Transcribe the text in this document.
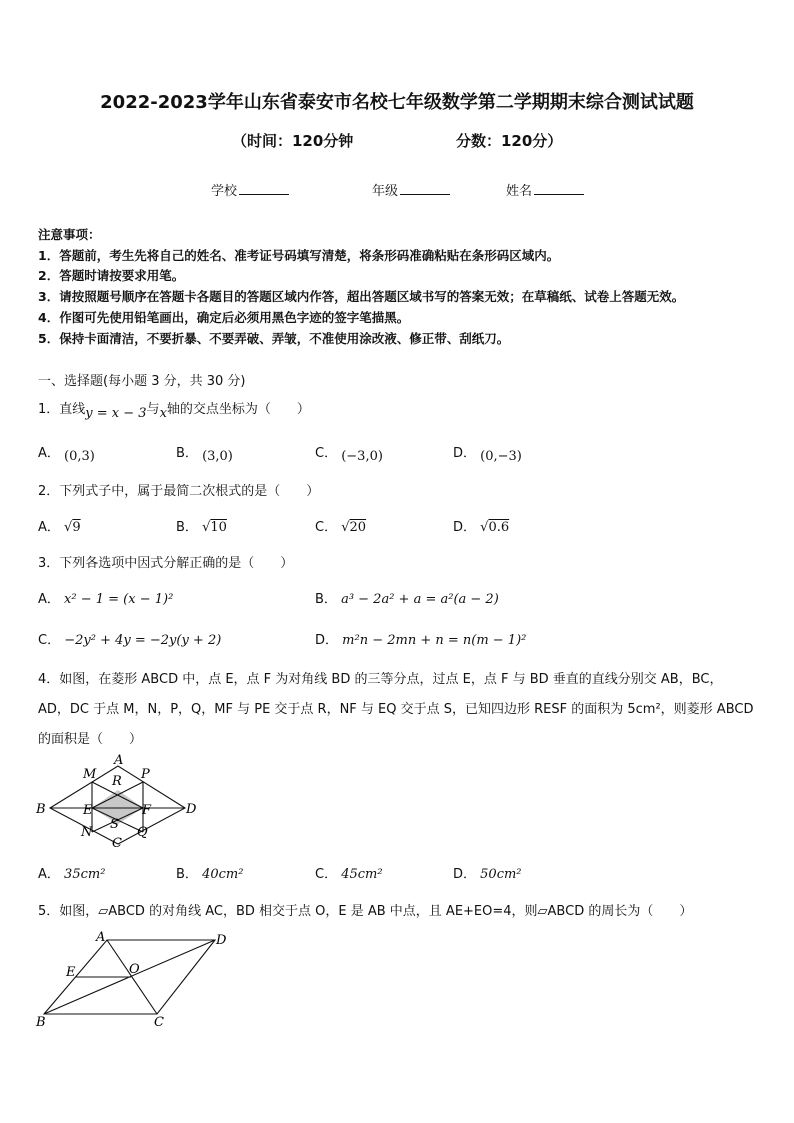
2022-2023学年山东省泰安市名校七年级数学第二学期期末综合测试试题
（时间：120分钟	分数：120分）
学校	年级	姓名
注意事项：
1．答题前，考生先将自己的姓名、准考证号码填写清楚，将条形码准确粘贴在条形码区域内。
2．答题时请按要求用笔。
3．请按照题号顺序在答题卡各题目的答题区域内作答，超出答题区域书写的答案无效；在草稿纸、试卷上答题无效。
4．作图可先使用铅笔画出，确定后必须用黑色字迹的签字笔描黑。
5．保持卡面清洁，不要折暴、不要弄破、弄皱，不准使用涂改液、修正带、刮纸刀。
一、选择题(每小题 3 分，共 30 分)
1．直线y = x − 3与x轴的交点坐标为（　　）
A． (0,3)	B． (3,0)	C． (−3,0)	D． (0,−3)
2．下列式子中，属于最简二次根式的是（　　）
A． √9	B． √10	C． √20	D． √0.6
3．下列各选项中因式分解正确的是（　　）
A． x² − 1 = (x − 1)²	B． a³ − 2a² + a = a²(a − 2)
C． −2y² + 4y = −2y(y + 2)	D． m²n − 2mn + n = n(m − 1)²
4．如图，在菱形 ABCD 中，点 E，点 F 为对角线 BD 的三等分点，过点 E，点 F 与 BD 垂直的直线分别交 AB，BC，
AD，DC 于点 M，N，P，Q，MF 与 PE 交于点 R，NF 与 EQ 交于点 S，已知四边形 RESF 的面积为 5cm²，则菱形 ABCD
的面积是（　　）
A
B
C
D
M
N
P
Q
R
S
E	F
A． 35cm²	B． 40cm²	C． 45cm²	D． 50cm²
5．如图，▱ABCD 的对角线 AC，BD 相交于点 O，E 是 AB 中点，且 AE+EO=4，则▱ABCD 的周长为（　　）
A	D
B	C
E	O
